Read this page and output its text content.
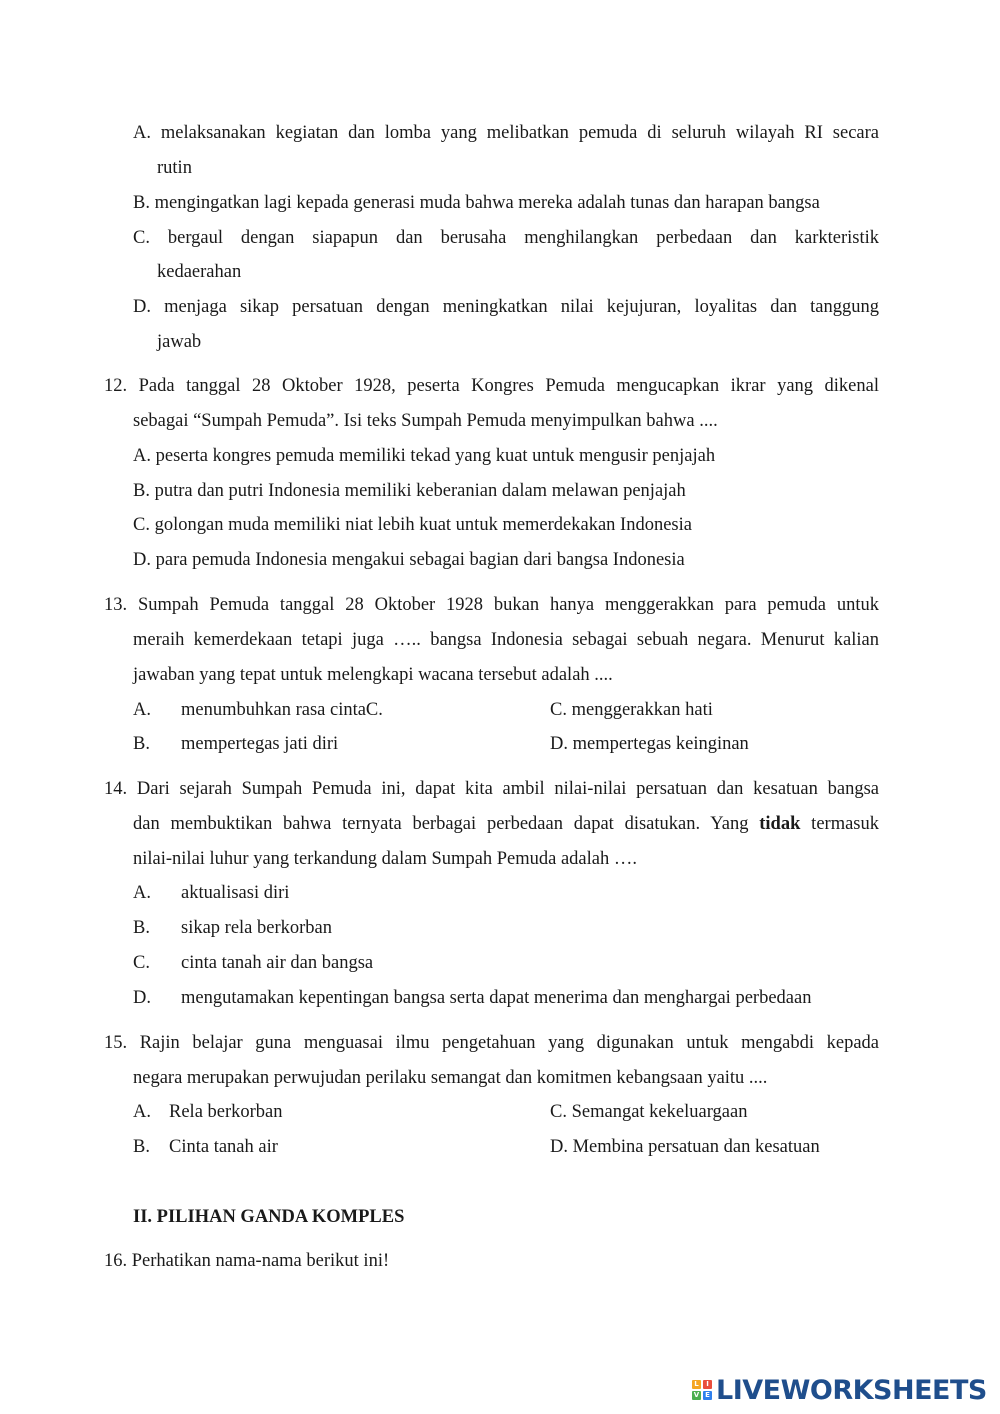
A. melaksanakan kegiatan dan lomba yang melibatkan pemuda di seluruh wilayah RI secara
rutin
B. mengingatkan lagi kepada generasi muda bahwa mereka adalah tunas dan harapan bangsa
C. bergaul dengan siapapun dan berusaha menghilangkan perbedaan dan karkteristik
kedaerahan
D. menjaga sikap persatuan dengan meningkatkan nilai kejujuran, loyalitas dan tanggung
jawab
12. Pada tanggal 28 Oktober 1928, peserta Kongres Pemuda mengucapkan ikrar yang dikenal
sebagai “Sumpah Pemuda”. Isi teks Sumpah Pemuda menyimpulkan bahwa ....
A. peserta kongres pemuda memiliki tekad yang kuat untuk mengusir penjajah
B. putra dan putri Indonesia memiliki keberanian dalam melawan penjajah
C. golongan muda memiliki niat lebih kuat untuk memerdekakan Indonesia
D. para pemuda Indonesia mengakui sebagai bagian dari bangsa Indonesia
13. Sumpah Pemuda tanggal 28 Oktober 1928 bukan hanya menggerakkan para pemuda untuk
meraih kemerdekaan tetapi juga ….. bangsa Indonesia sebagai sebuah negara. Menurut kalian
jawaban yang tepat untuk melengkapi wacana tersebut adalah ....
A. menumbuhkan rasa cintaC.	C. menggerakkan hati
B. mempertegas jati diri	D. mempertegas keinginan
14. Dari sejarah Sumpah Pemuda ini, dapat kita ambil nilai-nilai persatuan dan kesatuan bangsa
dan membuktikan bahwa ternyata berbagai perbedaan dapat disatukan. Yang tidak termasuk
nilai-nilai luhur yang terkandung dalam Sumpah Pemuda adalah ….
A. aktualisasi diri
B. sikap rela berkorban
C. cinta tanah air dan bangsa
D. mengutamakan kepentingan bangsa serta dapat menerima dan menghargai perbedaan
15. Rajin belajar guna menguasai ilmu pengetahuan yang digunakan untuk mengabdi kepada
negara merupakan perwujudan perilaku semangat dan komitmen kebangsaan yaitu ....
A. Rela berkorban	C. Semangat kekeluargaan
B. Cinta tanah air	D. Membina persatuan dan kesatuan
II. PILIHAN GANDA KOMPLES
16. Perhatikan nama-nama berikut ini!
L	I
V E LIVEWORKSHEETS
